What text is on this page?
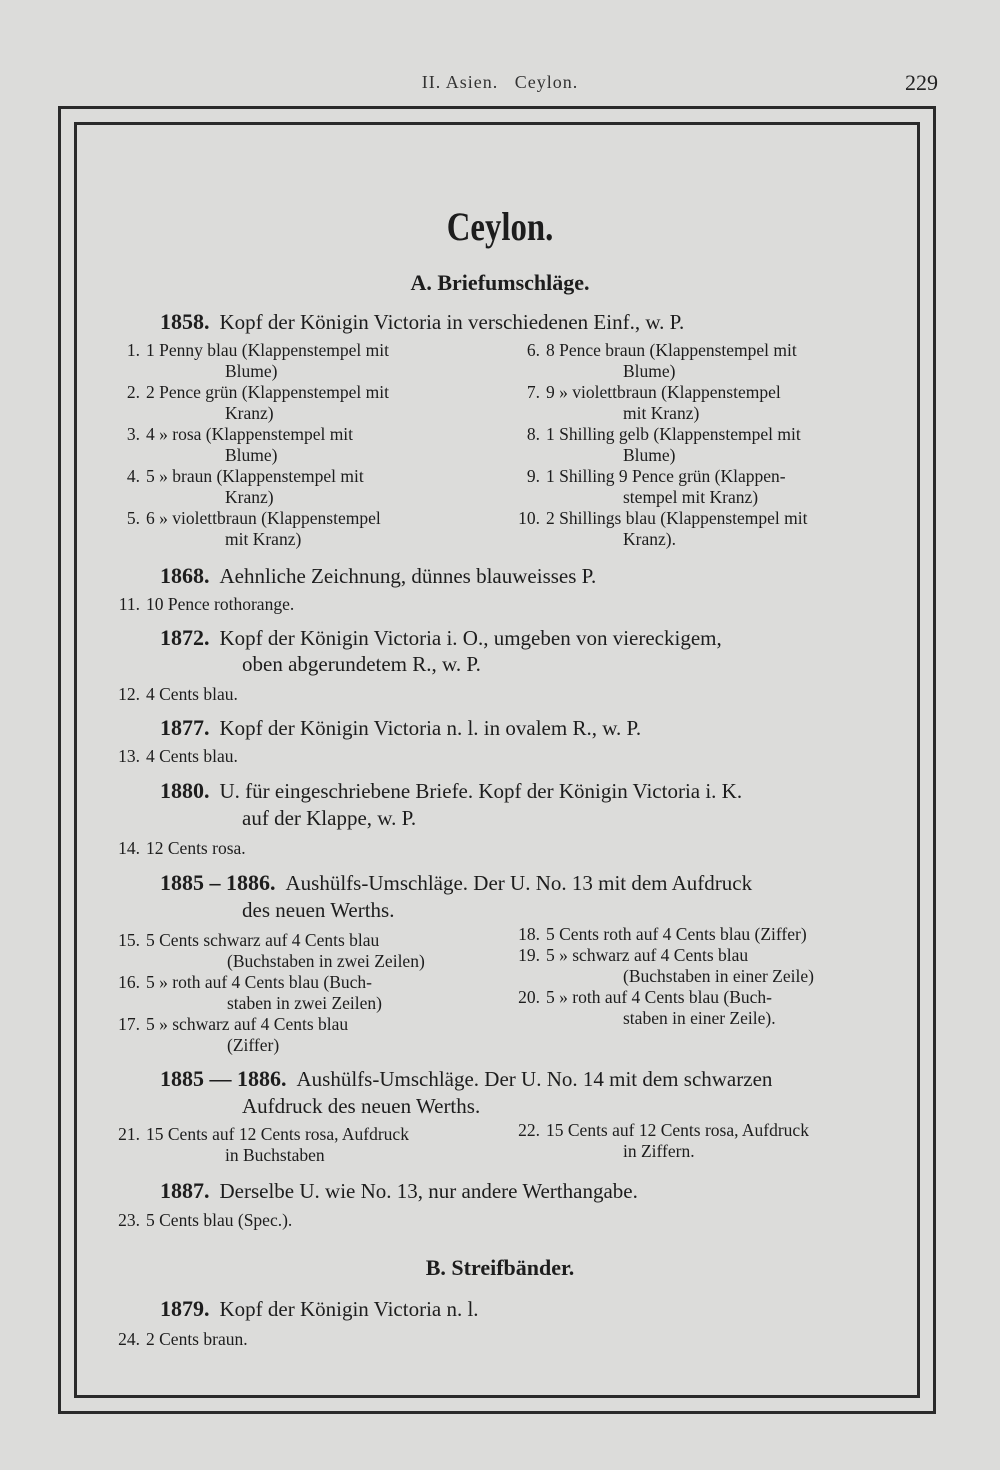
II. Asien. Ceylon.	229
Ceylon.
A. Briefumschläge.
1858. Kopf der Königin Victoria in verschiedenen Einf., w. P.
1. 1 Penny blau (Klappenstempel mit
Blume)
2. 2 Pence grün (Klappenstempel mit
Kranz)
3. 4 » rosa (Klappenstempel mit
Blume)
4. 5 » braun (Klappenstempel mit
Kranz)
5. 6 » violettbraun (Klappenstempel
mit Kranz)
6. 8 Pence braun (Klappenstempel mit
Blume)
7. 9 » violettbraun (Klappenstempel
mit Kranz)
8. 1 Shilling gelb (Klappenstempel mit
Blume)
9. 1 Shilling 9 Pence grün (Klappen-
stempel mit Kranz)
10. 2 Shillings blau (Klappenstempel mit
Kranz).
1868. Aehnliche Zeichnung, dünnes blauweisses P.
11. 10 Pence rothorange.
1872. Kopf der Königin Victoria i. O., umgeben von viereckigem,
oben abgerundetem R., w. P.
12. 4 Cents blau.
1877. Kopf der Königin Victoria n. l. in ovalem R., w. P.
13. 4 Cents blau.
1880. U. für eingeschriebene Briefe. Kopf der Königin Victoria i. K.
auf der Klappe, w. P.
14. 12 Cents rosa.
1885 – 1886. Aushülfs-Umschläge. Der U. No. 13 mit dem Aufdruck
des neuen Werths.
15. 5 Cents schwarz auf 4 Cents blau
(Buchstaben in zwei Zeilen)
16. 5 » roth auf 4 Cents blau (Buch-
staben in zwei Zeilen)
17. 5 » schwarz auf 4 Cents blau
(Ziffer)
18. 5 Cents roth auf 4 Cents blau (Ziffer)
19. 5 » schwarz auf 4 Cents blau
(Buchstaben in einer Zeile)
20. 5 » roth auf 4 Cents blau (Buch-
staben in einer Zeile).
1885 — 1886. Aushülfs-Umschläge. Der U. No. 14 mit dem schwarzen
Aufdruck des neuen Werths.
21. 15 Cents auf 12 Cents rosa, Aufdruck
in Buchstaben
22. 15 Cents auf 12 Cents rosa, Aufdruck
in Ziffern.
1887. Derselbe U. wie No. 13, nur andere Werthangabe.
23. 5 Cents blau (Spec.).
B. Streifbänder.
1879. Kopf der Königin Victoria n. l.
24. 2 Cents braun.
